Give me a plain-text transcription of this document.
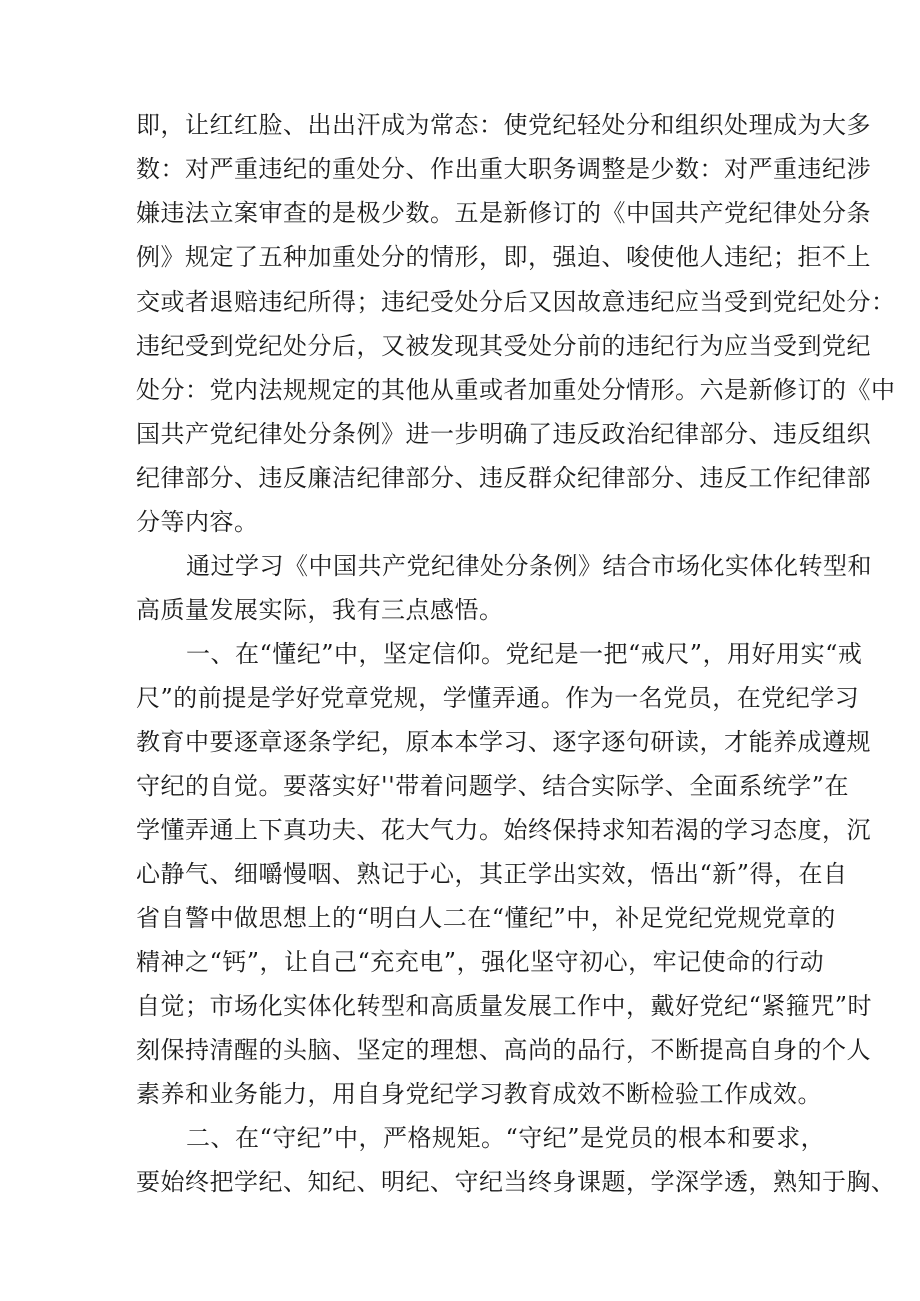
即，让红红脸、出出汗成为常态：使党纪轻处分和组织处理成为大多
数：对严重违纪的重处分、作出重大职务调整是少数：对严重违纪涉
嫌违法立案审查的是极少数。五是新修订的《中国共产党纪律处分条
例》规定了五种加重处分的情形，即，强迫、唆使他人违纪；拒不上
交或者退赔违纪所得；违纪受处分后又因故意违纪应当受到党纪处分：
违纪受到党纪处分后，又被发现其受处分前的违纪行为应当受到党纪
处分：党内法规规定的其他从重或者加重处分情形。六是新修订的《中
国共产党纪律处分条例》进一步明确了违反政治纪律部分、违反组织
纪律部分、违反廉洁纪律部分、违反群众纪律部分、违反工作纪律部
分等内容。
通过学习《中国共产党纪律处分条例》结合市场化实体化转型和
高质量发展实际，我有三点感悟。
一、在“懂纪”中，坚定信仰。党纪是一把“戒尺”，用好用实“戒
尺”的前提是学好党章党规，学懂弄通。作为一名党员，在党纪学习
教育中要逐章逐条学纪，原本本学习、逐字逐句研读，才能养成遵规
守纪的自觉。要落实好''带着问题学、结合实际学、全面系统学”在
学懂弄通上下真功夫、花大气力。始终保持求知若渴的学习态度，沉
心静气、细嚼慢咽、熟记于心，其正学出实效，悟出“新”得，在自
省自警中做思想上的“明白人二在“懂纪”中，补足党纪党规党章的
精神之“钙”，让自己“充充电”，强化坚守初心，牢记使命的行动
自觉；市场化实体化转型和高质量发展工作中，戴好党纪“紧箍咒”时
刻保持清醒的头脑、坚定的理想、高尚的品行，不断提高自身的个人
素养和业务能力，用自身党纪学习教育成效不断检验工作成效。
二、在“守纪”中，严格规矩。“守纪”是党员的根本和要求，
要始终把学纪、知纪、明纪、守纪当终身课题，学深学透，熟知于胸、
